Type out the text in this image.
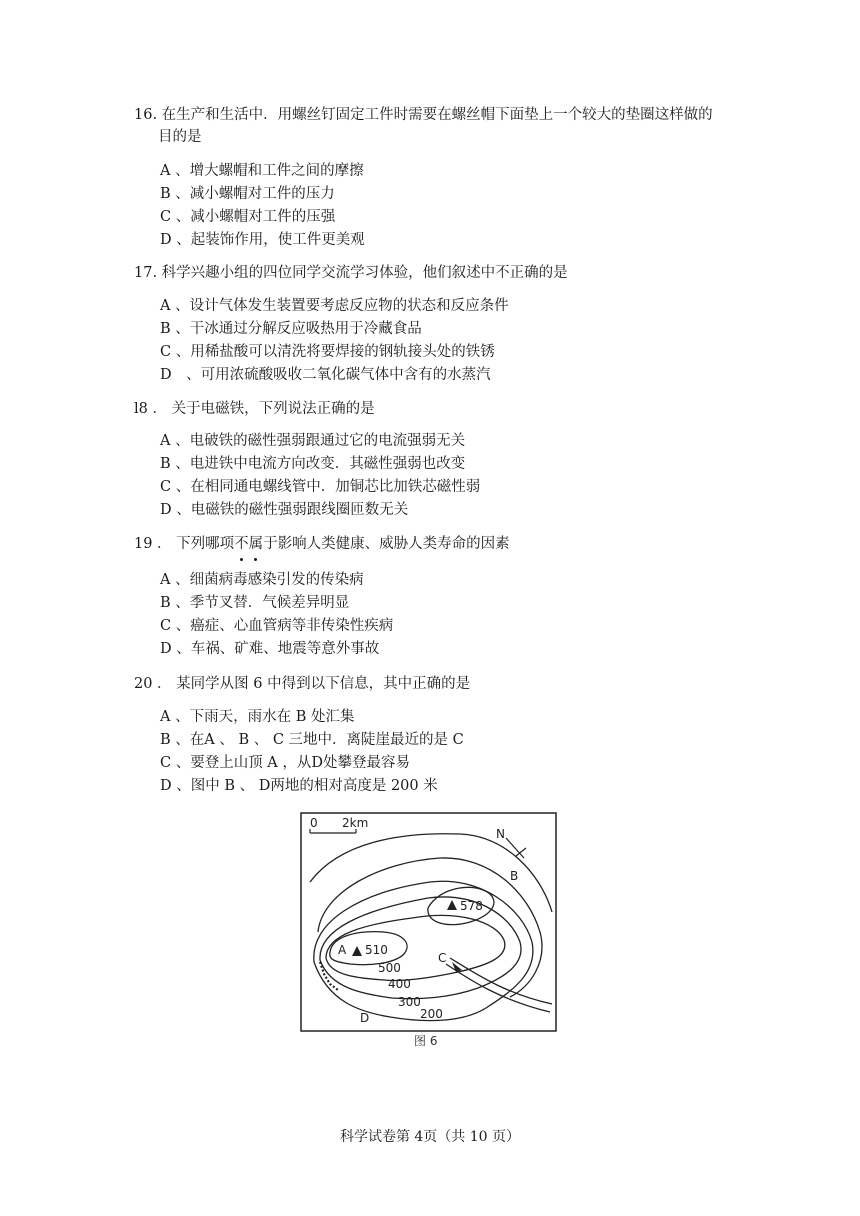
16. 在生产和生活中．用螺丝钉固定工件时需要在螺丝帽下面垫上一个较大的垫圈这样做的
目的是
A 、增大螺帽和工件之间的摩擦
B 、减小螺帽对工件的压力
C 、减小螺帽对工件的压强
D 、起装饰作用，使工件更美观
17. 科学兴趣小组的四位同学交流学习体验，他们叙述中不正确的是
A 、设计气体发生装置要考虑反应物的状态和反应条件
B 、干冰通过分解反应吸热用于冷藏食品
C 、用稀盐酸可以清洗将要焊接的钢轨接头处的铁锈
D　、可用浓硫酸吸收二氧化碳气体中含有的水蒸汽
l8 ． 关于电磁铁，下列说法正确的是
A 、电破铁的磁性强弱跟通过它的电流强弱无关
B 、电进铁中电流方向改变．其磁性强弱也改变
C 、在相同通电螺线管中．加铜芯比加铁芯磁性弱
D 、电磁铁的磁性强弱跟线圈匝数无关
19 ． 下列哪项不属于影响人类健康、威胁人类寿命的因素
A 、细菌病毒感染引发的传染病
B 、季节叉替．气候差异明显
C 、癌症、心血管病等非传染性疾病
D 、车祸、矿难、地震等意外事故
20 ． 某同学从图 6 中得到以下信息，其中正确的是
A 、下雨天，雨水在 B 处汇集
B 、在A 、 B 、 C 三地中．离陡崖最近的是 C
C 、要登上山顶 A ，从D处攀登最容易
D 、图中 B 、 D两地的相对高度是 200 米
0 2km
N
578
510
A
B
C
D
500
400
300
200
图 6
科学试卷第 4页（共 10 页）
